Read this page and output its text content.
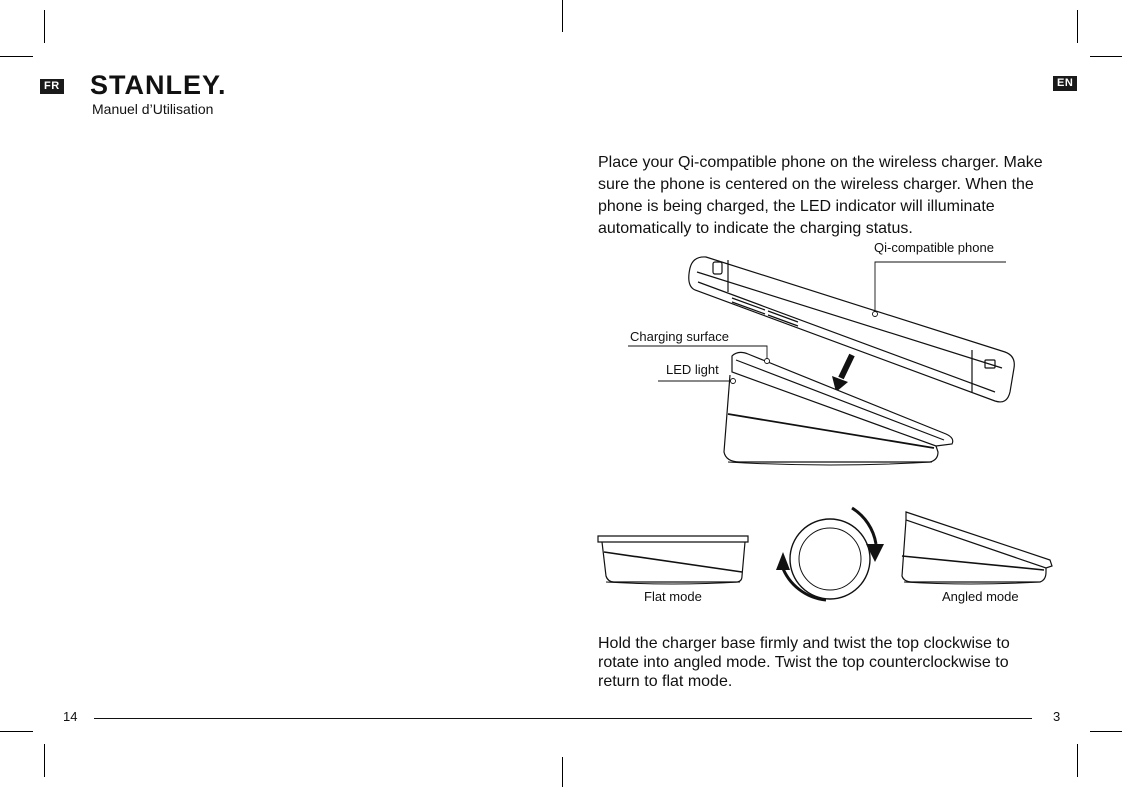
FR	EN
STANLEY.
Manuel d’Utilisation
Place your Qi-compatible phone on the wireless charger. Make sure the phone is centered on the wireless charger. When the phone is being charged, the LED indicator will illuminate automatically to indicate the charging status.
Qi-compatible phone
Charging surface
LED light
Flat mode	Angled mode
Hold the charger base firmly and twist the top clockwise to rotate into angled mode. Twist the top counterclockwise to return to flat mode.
14	3
